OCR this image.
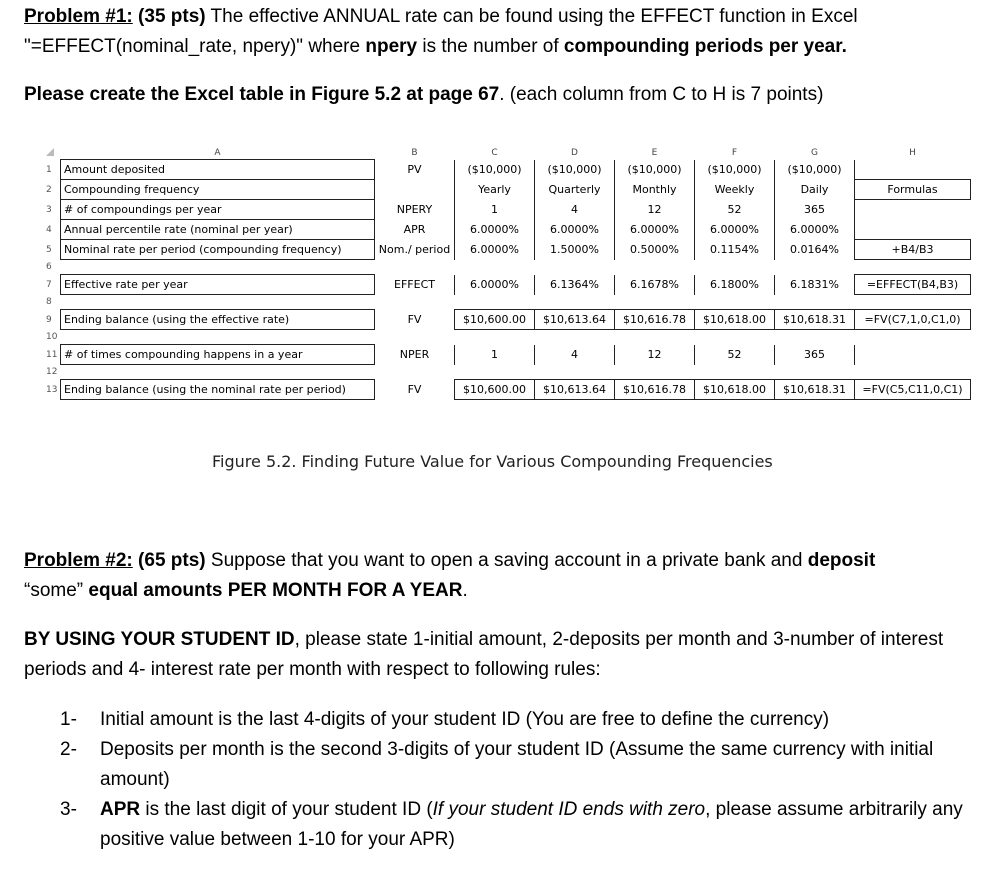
Problem #1: (35 pts) The effective ANNUAL rate can be found using the EFFECT function in Excel "=EFFECT(nominal_rate, npery)" where npery is the number of compounding periods per year.
Please create the Excel table in Figure 5.2 at page 67. (each column from C to H is 7 points)
	A	B	C	D	E	F	G	H
1	Amount deposited	PV	($10,000)	($10,000)	($10,000)	($10,000)	($10,000)	
2	Compounding frequency		Yearly	Quarterly	Monthly	Weekly	Daily	Formulas
3	# of compoundings per year	NPERY	1	4	12	52	365	
4	Annual percentile rate (nominal per year)	APR	6.0000%	6.0000%	6.0000%	6.0000%	6.0000%	
5	Nominal rate per period (compounding frequency)	Nom./ period	6.0000%	1.5000%	0.5000%	0.1154%	0.0164%	+B4/B3
6								
7	Effective rate per year	EFFECT	6.0000%	6.1364%	6.1678%	6.1800%	6.1831%	=EFFECT(B4,B3)
8								
9	Ending balance (using the effective rate)	FV	$10,600.00	$10,613.64	$10,616.78	$10,618.00	$10,618.31	=FV(C7,1,0,C1,0)
10								
11	# of times compounding happens in a year	NPER	1	4	12	52	365	
12								
13	Ending balance (using the nominal rate per period)	FV	$10,600.00	$10,613.64	$10,616.78	$10,618.00	$10,618.31	=FV(C5,C11,0,C1)
Figure 5.2. Finding Future Value for Various Compounding Frequencies
Problem #2: (65 pts) Suppose that you want to open a saving account in a private bank and deposit
“some” equal amounts PER MONTH FOR A YEAR.
BY USING YOUR STUDENT ID, please state 1-initial amount, 2-deposits per month and 3-number of interest periods and 4- interest rate per month with respect to following rules:
1- Initial amount is the last 4-digits of your student ID (You are free to define the currency)
2- Deposits per month is the second 3-digits of your student ID (Assume the same currency with initial amount)
3- APR is the last digit of your student ID (If your student ID ends with zero, please assume arbitrarily any positive value between 1-10 for your APR)
